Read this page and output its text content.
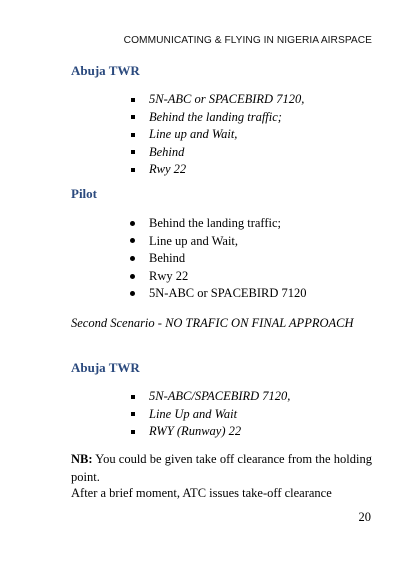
COMMUNICATING & FLYING IN NIGERIA AIRSPACE
Abuja TWR
5N-ABC or SPACEBIRD 7120,
Behind the landing traffic;
Line up and Wait,
Behind
Rwy 22
Pilot
Behind the landing traffic;
Line up and Wait,
Behind
Rwy 22
5N-ABC or SPACEBIRD 7120
Second Scenario - NO TRAFIC ON FINAL APPROACH
Abuja TWR
5N-ABC/SPACEBIRD 7120,
Line Up and Wait
RWY (Runway) 22

NB: You could be given take off clearance from the holding point.

After a brief moment, ATC issues take-off clearance

20
